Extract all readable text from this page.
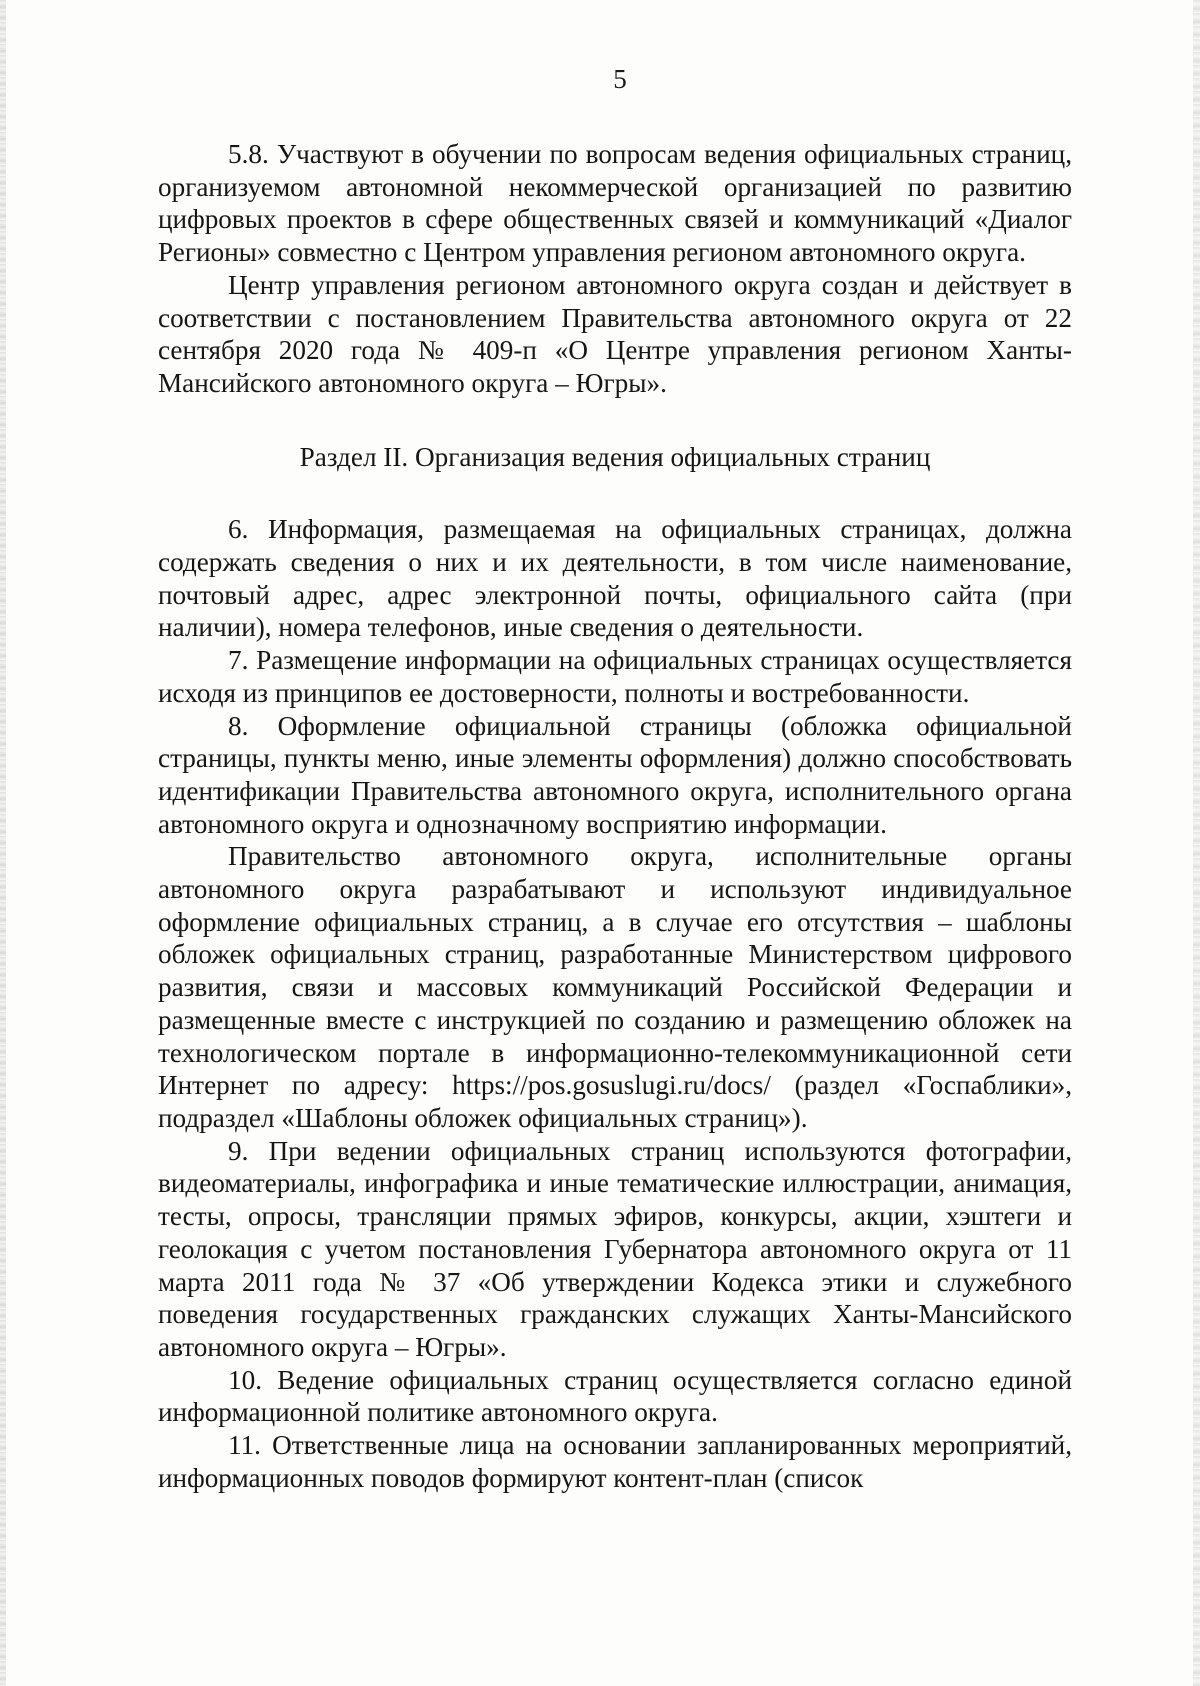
5

5.8. Участвуют в обучении по вопросам ведения официальных страниц, организуемом автономной некоммерческой организацией по развитию цифровых проектов в сфере общественных связей и коммуникаций «Диалог Регионы» совместно с Центром управления регионом автономного округа.

Центр управления регионом автономного округа создан и действует в соответствии с постановлением Правительства автономного округа от 22 сентября 2020 года № 409-п «О Центре управления регионом Ханты-Мансийского автономного округа – Югры».

Раздел II. Организация ведения официальных страниц

6. Информация, размещаемая на официальных страницах, должна содержать сведения о них и их деятельности, в том числе наименование, почтовый адрес, адрес электронной почты, официального сайта (при наличии), номера телефонов, иные сведения о деятельности.

7. Размещение информации на официальных страницах осуществляется исходя из принципов ее достоверности, полноты и востребованности.

8. Оформление официальной страницы (обложка официальной страницы, пункты меню, иные элементы оформления) должно способствовать идентификации Правительства автономного округа, исполнительного органа автономного округа и однозначному восприятию информации.

Правительство автономного округа, исполнительные органы автономного округа разрабатывают и используют индивидуальное оформление официальных страниц, а в случае его отсутствия – шаблоны обложек официальных страниц, разработанные Министерством цифрового развития, связи и массовых коммуникаций Российской Федерации и размещенные вместе с инструкцией по созданию и размещению обложек на технологическом портале в информационно-телекоммуникационной сети Интернет по адресу: https://pos.gosuslugi.ru/docs/ (раздел «Госпаблики», подраздел «Шаблоны обложек официальных страниц»).

9. При ведении официальных страниц используются фотографии, видеоматериалы, инфографика и иные тематические иллюстрации, анимация, тесты, опросы, трансляции прямых эфиров, конкурсы, акции, хэштеги и геолокация с учетом постановления Губернатора автономного округа от 11 марта 2011 года № 37 «Об утверждении Кодекса этики и служебного поведения государственных гражданских служащих Ханты-Мансийского автономного округа – Югры».

10. Ведение официальных страниц осуществляется согласно единой информационной политике автономного округа.

11. Ответственные лица на основании запланированных мероприятий, информационных поводов формируют контент-план (список
